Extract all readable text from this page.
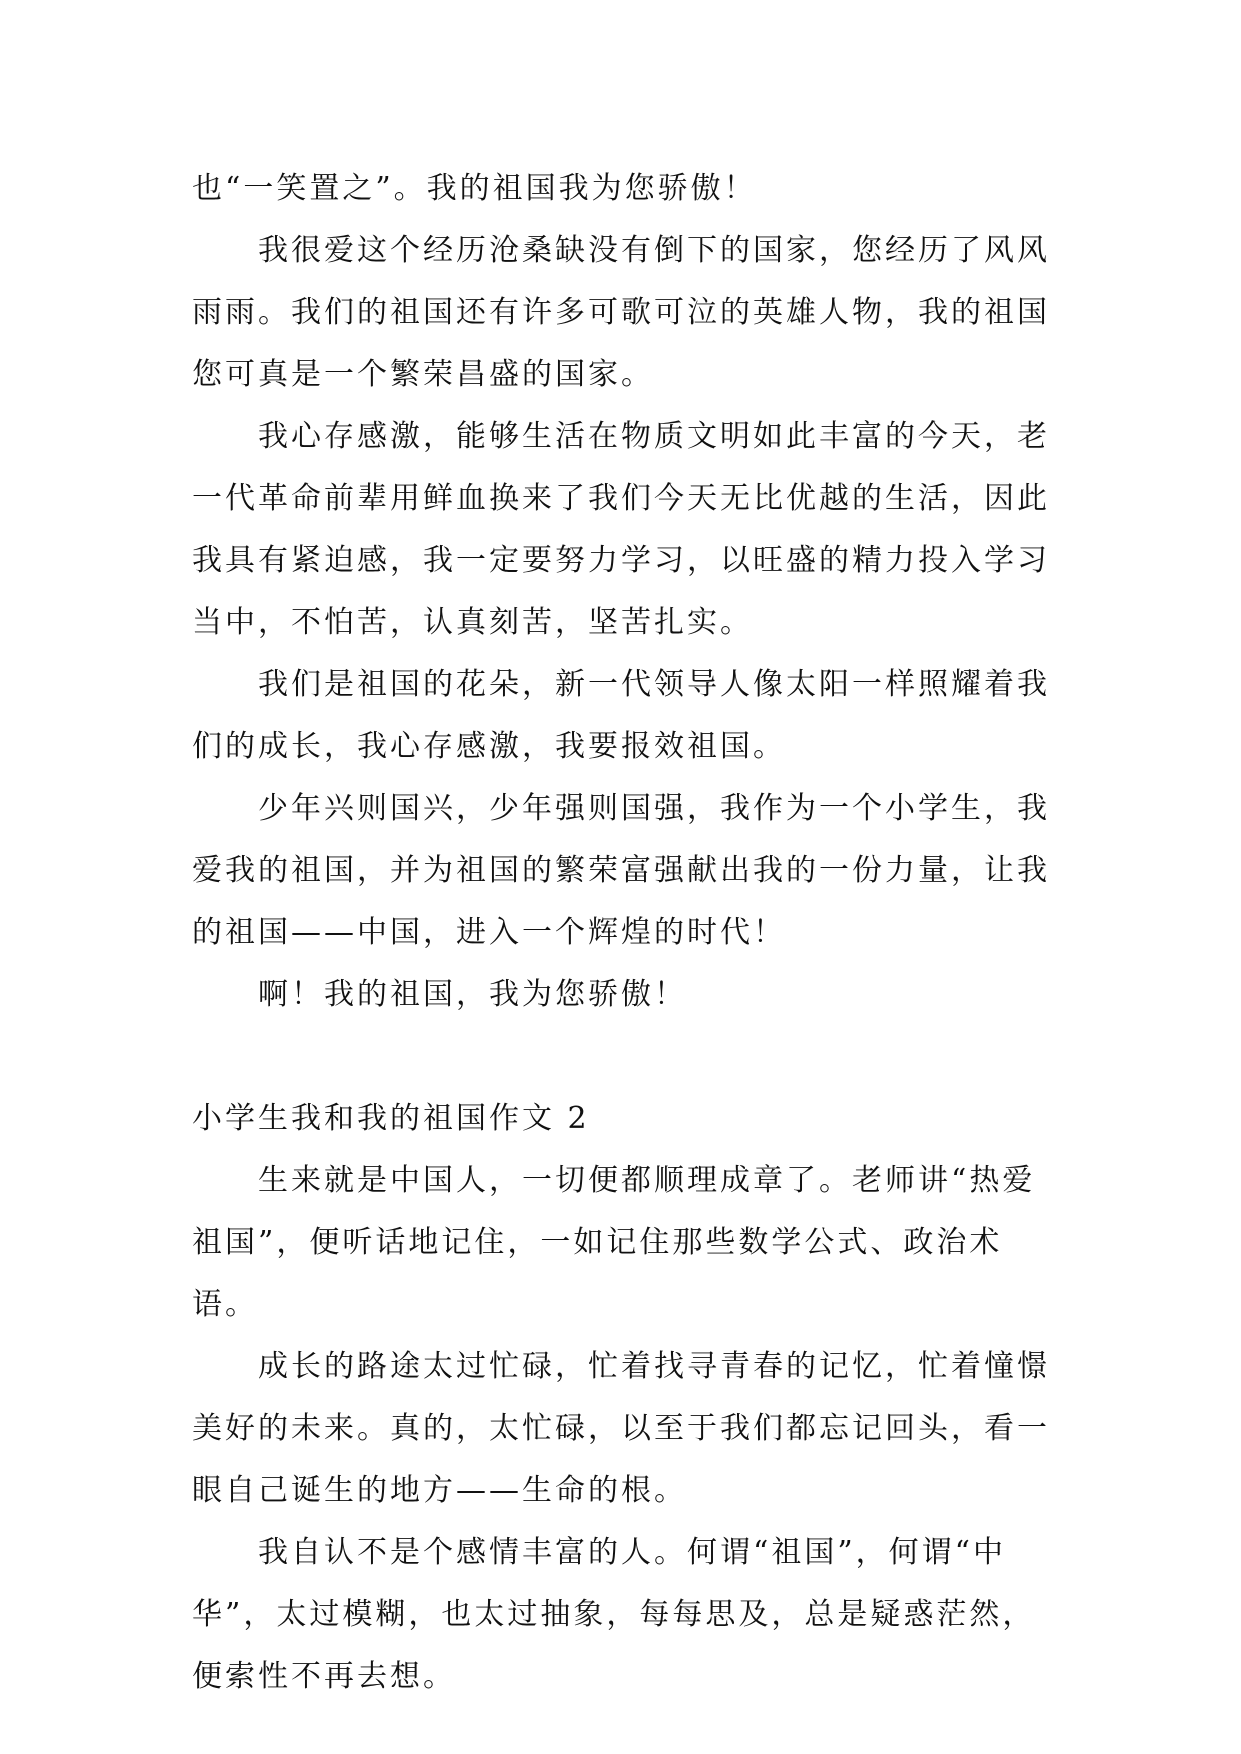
也“一笑置之”。我的祖国我为您骄傲！

我很爱这个经历沧桑缺没有倒下的国家，您经历了风风雨雨。我们的祖国还有许多可歌可泣的英雄人物，我的祖国您可真是一个繁荣昌盛的国家。

我心存感激，能够生活在物质文明如此丰富的今天，老一代革命前辈用鲜血换来了我们今天无比优越的生活，因此我具有紧迫感，我一定要努力学习，以旺盛的精力投入学习当中，不怕苦，认真刻苦，坚苦扎实。

我们是祖国的花朵，新一代领导人像太阳一样照耀着我们的成长，我心存感激，我要报效祖国。

少年兴则国兴，少年强则国强，我作为一个小学生，我爱我的祖国，并为祖国的繁荣富强献出我的一份力量，让我的祖国——中国，进入一个辉煌的时代！

啊！我的祖国，我为您骄傲！

小学生我和我的祖国作文 2

生来就是中国人，一切便都顺理成章了。老师讲“热爱祖国”，便听话地记住，一如记住那些数学公式、政治术语。

成长的路途太过忙碌，忙着找寻青春的记忆，忙着憧憬美好的未来。真的，太忙碌，以至于我们都忘记回头，看一眼自己诞生的地方——生命的根。

我自认不是个感情丰富的人。何谓“祖国”，何谓“中华”，太过模糊，也太过抽象，每每思及，总是疑惑茫然，便索性不再去想。
